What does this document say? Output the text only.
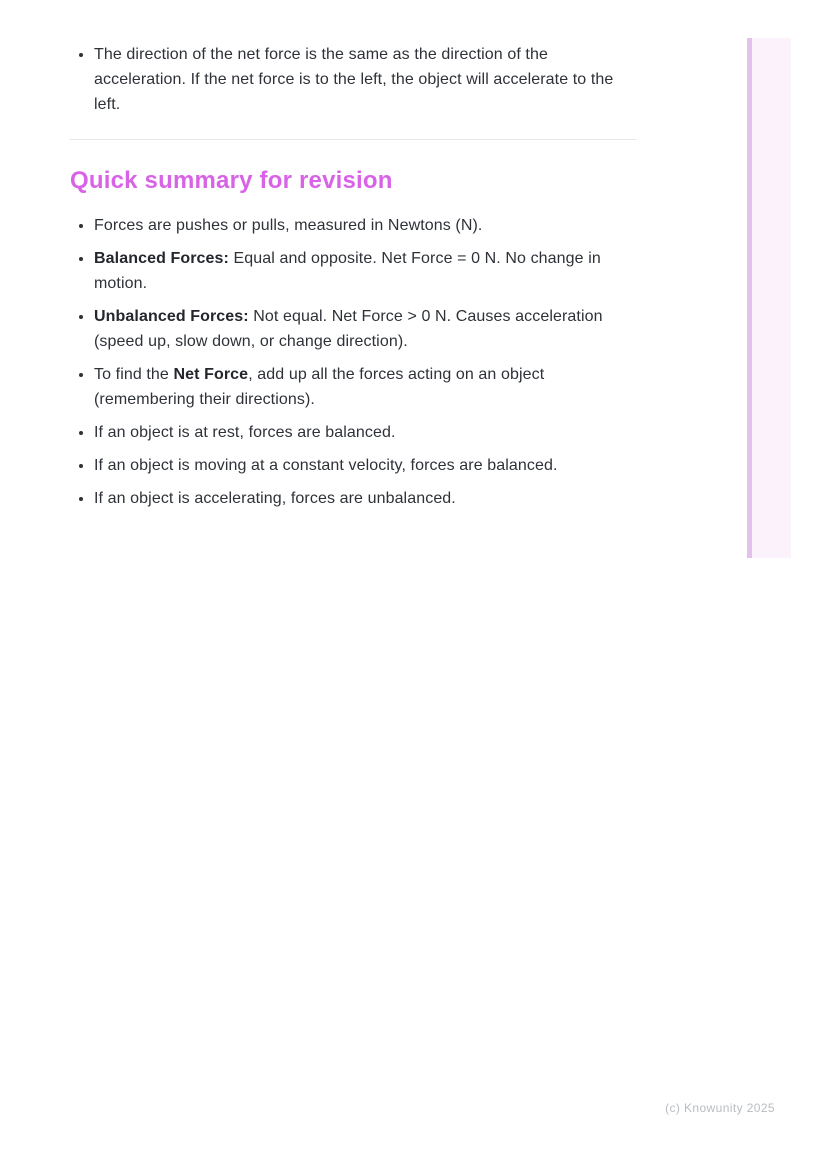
• The direction of the net force is the same as the direction of the acceleration. If the net force is to the left, the object will accelerate to the left.
Quick summary for revision
• Forces are pushes or pulls, measured in Newtons (N).
• Balanced Forces: Equal and opposite. Net Force = 0 N. No change in motion.
• Unbalanced Forces: Not equal. Net Force > 0 N. Causes acceleration (speed up, slow down, or change direction).
• To find the Net Force, add up all the forces acting on an object (remembering their directions).
• If an object is at rest, forces are balanced.
• If an object is moving at a constant velocity, forces are balanced.
• If an object is accelerating, forces are unbalanced.
(c) Knowunity 2025
